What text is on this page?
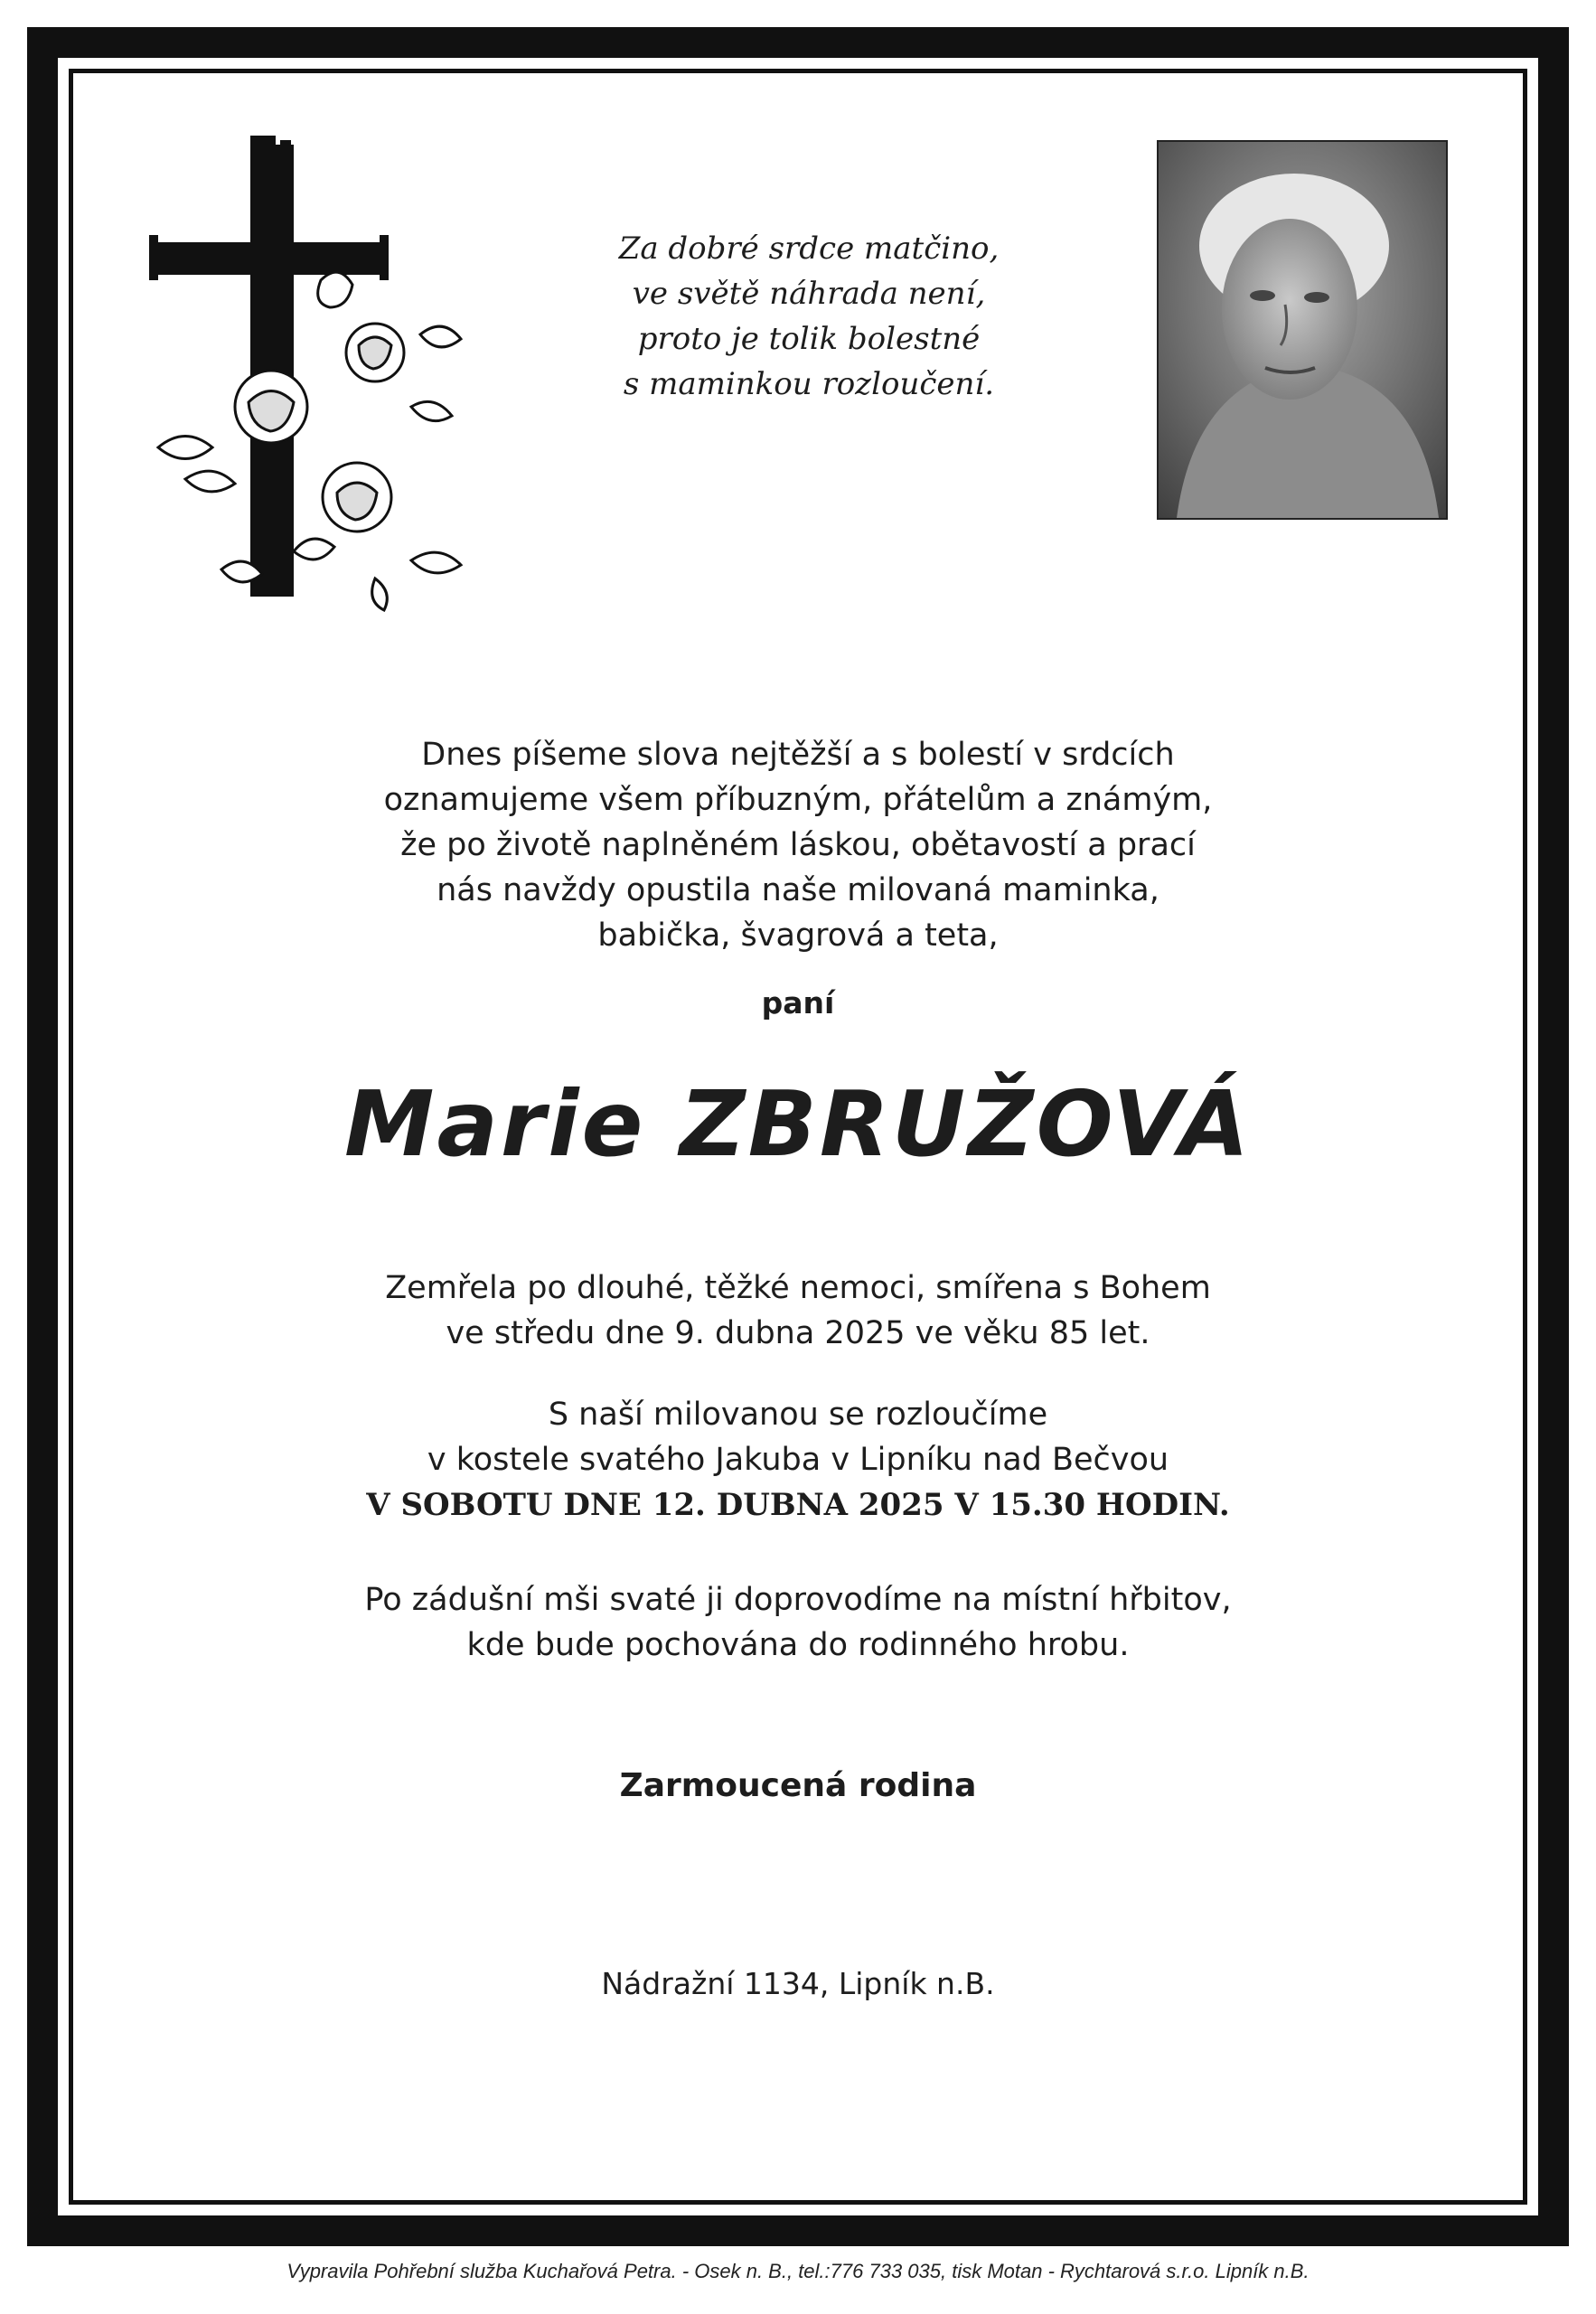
Za dobré srdce matčino,
ve světě náhrada není,
proto je tolik bolestné
s maminkou rozloučení.
Dnes píšeme slova nejtěžší a s bolestí v srdcích
oznamujeme všem příbuzným, přátelům a známým,
že po životě naplněném láskou, obětavostí a prací
nás navždy opustila naše milovaná maminka,
babička, švagrová a teta,
paní
Marie ZBRUŽOVÁ
Zemřela po dlouhé, těžké nemoci, smířena s Bohem
ve středu dne 9. dubna 2025 ve věku 85 let.
S naší milovanou se rozloučíme
v kostele svatého Jakuba v Lipníku nad Bečvou
V SOBOTU DNE 12. DUBNA 2025 V 15.30 HODIN.
Po zádušní mši svaté ji doprovodíme na místní hřbitov,
kde bude pochována do rodinného hrobu.
Zarmoucená rodina
Nádražní 1134, Lipník n.B.
Vypravila Pohřební služba Kuchařová Petra. - Osek n. B., tel.:776 733 035, tisk Motan - Rychtarová s.r.o. Lipník n.B.
